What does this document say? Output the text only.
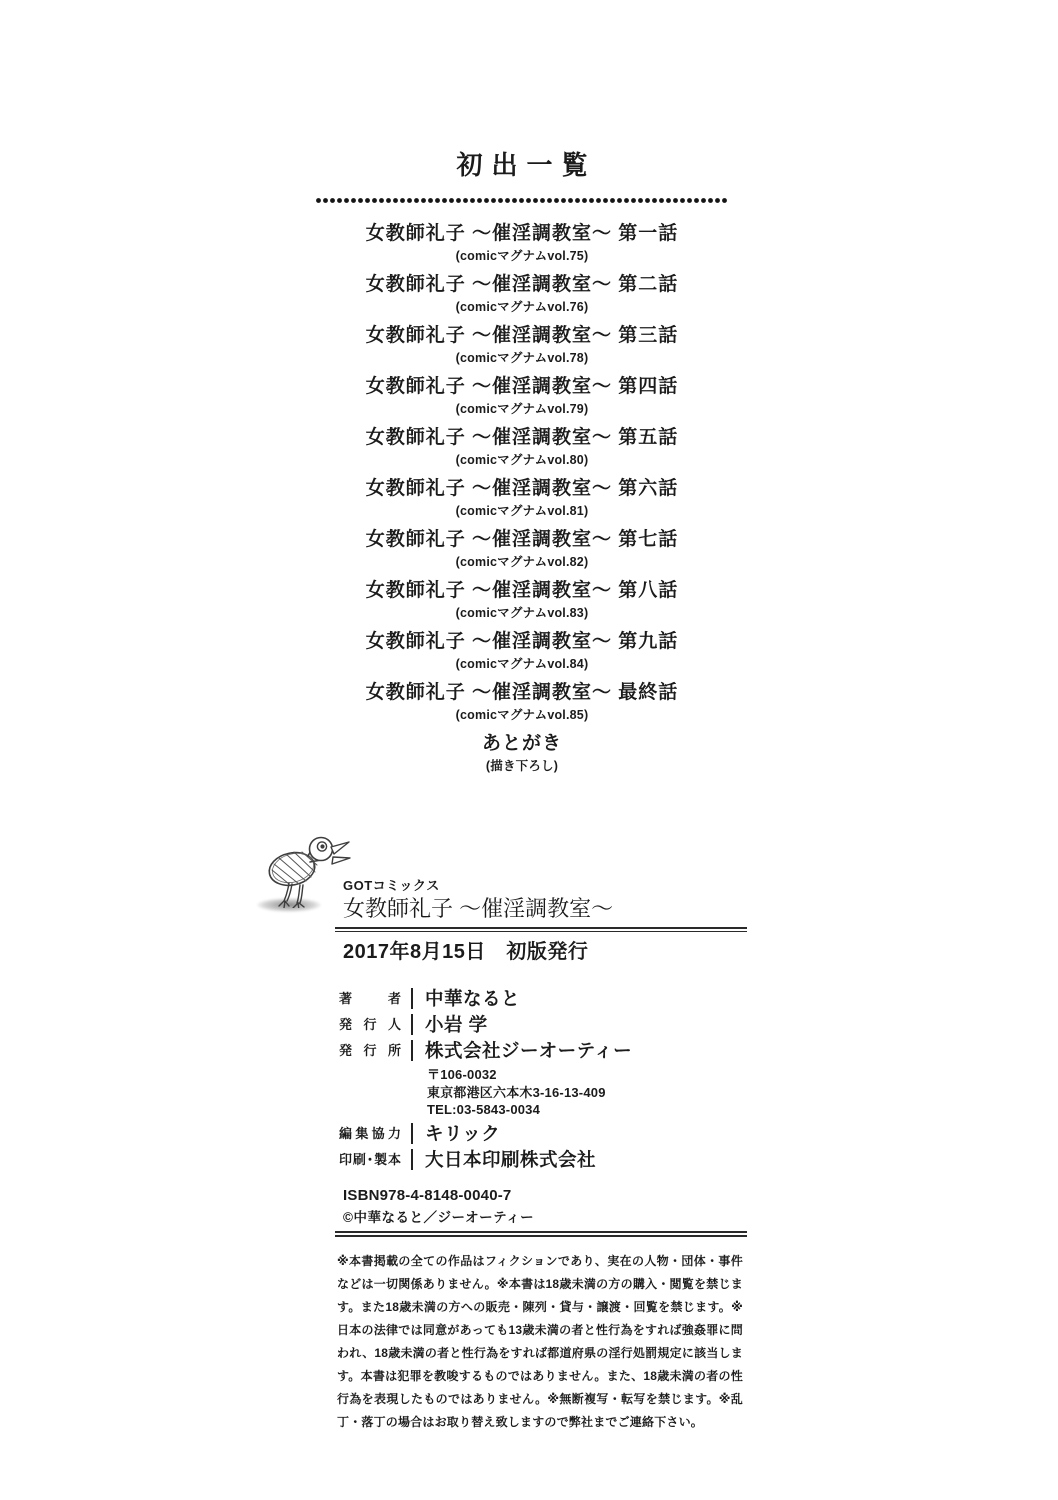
初出一覧
女教師礼子 ～催淫調教室～ 第一話
(comicマグナムvol.75)
女教師礼子 ～催淫調教室～ 第二話
(comicマグナムvol.76)
女教師礼子 ～催淫調教室～ 第三話
(comicマグナムvol.78)
女教師礼子 ～催淫調教室～ 第四話
(comicマグナムvol.79)
女教師礼子 ～催淫調教室～ 第五話
(comicマグナムvol.80)
女教師礼子 ～催淫調教室～ 第六話
(comicマグナムvol.81)
女教師礼子 ～催淫調教室～ 第七話
(comicマグナムvol.82)
女教師礼子 ～催淫調教室～ 第八話
(comicマグナムvol.83)
女教師礼子 ～催淫調教室～ 第九話
(comicマグナムvol.84)
女教師礼子 ～催淫調教室～ 最終話
(comicマグナムvol.85)
あとがき
(描き下ろし)
GOTコミックス
女教師礼子 ～催淫調教室～
2017年8月15日　初版発行
著者 中華なると
発行人 小岩 学
発行所 株式会社ジーオーティー
〒106-0032
東京都港区六本木3-16-13-409
TEL:03-5843-0034
編集協力 キリック
印刷･製本 大日本印刷株式会社
ISBN978-4-8148-0040-7
©中華なると／ジーオーティー

※本書掲載の全ての作品はフィクションであり、実在の人物・団体・事件などは一切関係ありません。※本書は18歳未満の方の購入・閲覧を禁じます。また18歳未満の方への販売・陳列・貸与・譲渡・回覧を禁じます。※日本の法律では同意があっても13歳未満の者と性行為をすれば強姦罪に問われ、18歳未満の者と性行為をすれば都道府県の淫行処罰規定に該当します。本書は犯罪を教唆するものではありません。また、18歳未満の者の性行為を表現したものではありません。※無断複写・転写を禁じます。※乱丁・落丁の場合はお取り替え致しますので弊社までご連絡下さい。
